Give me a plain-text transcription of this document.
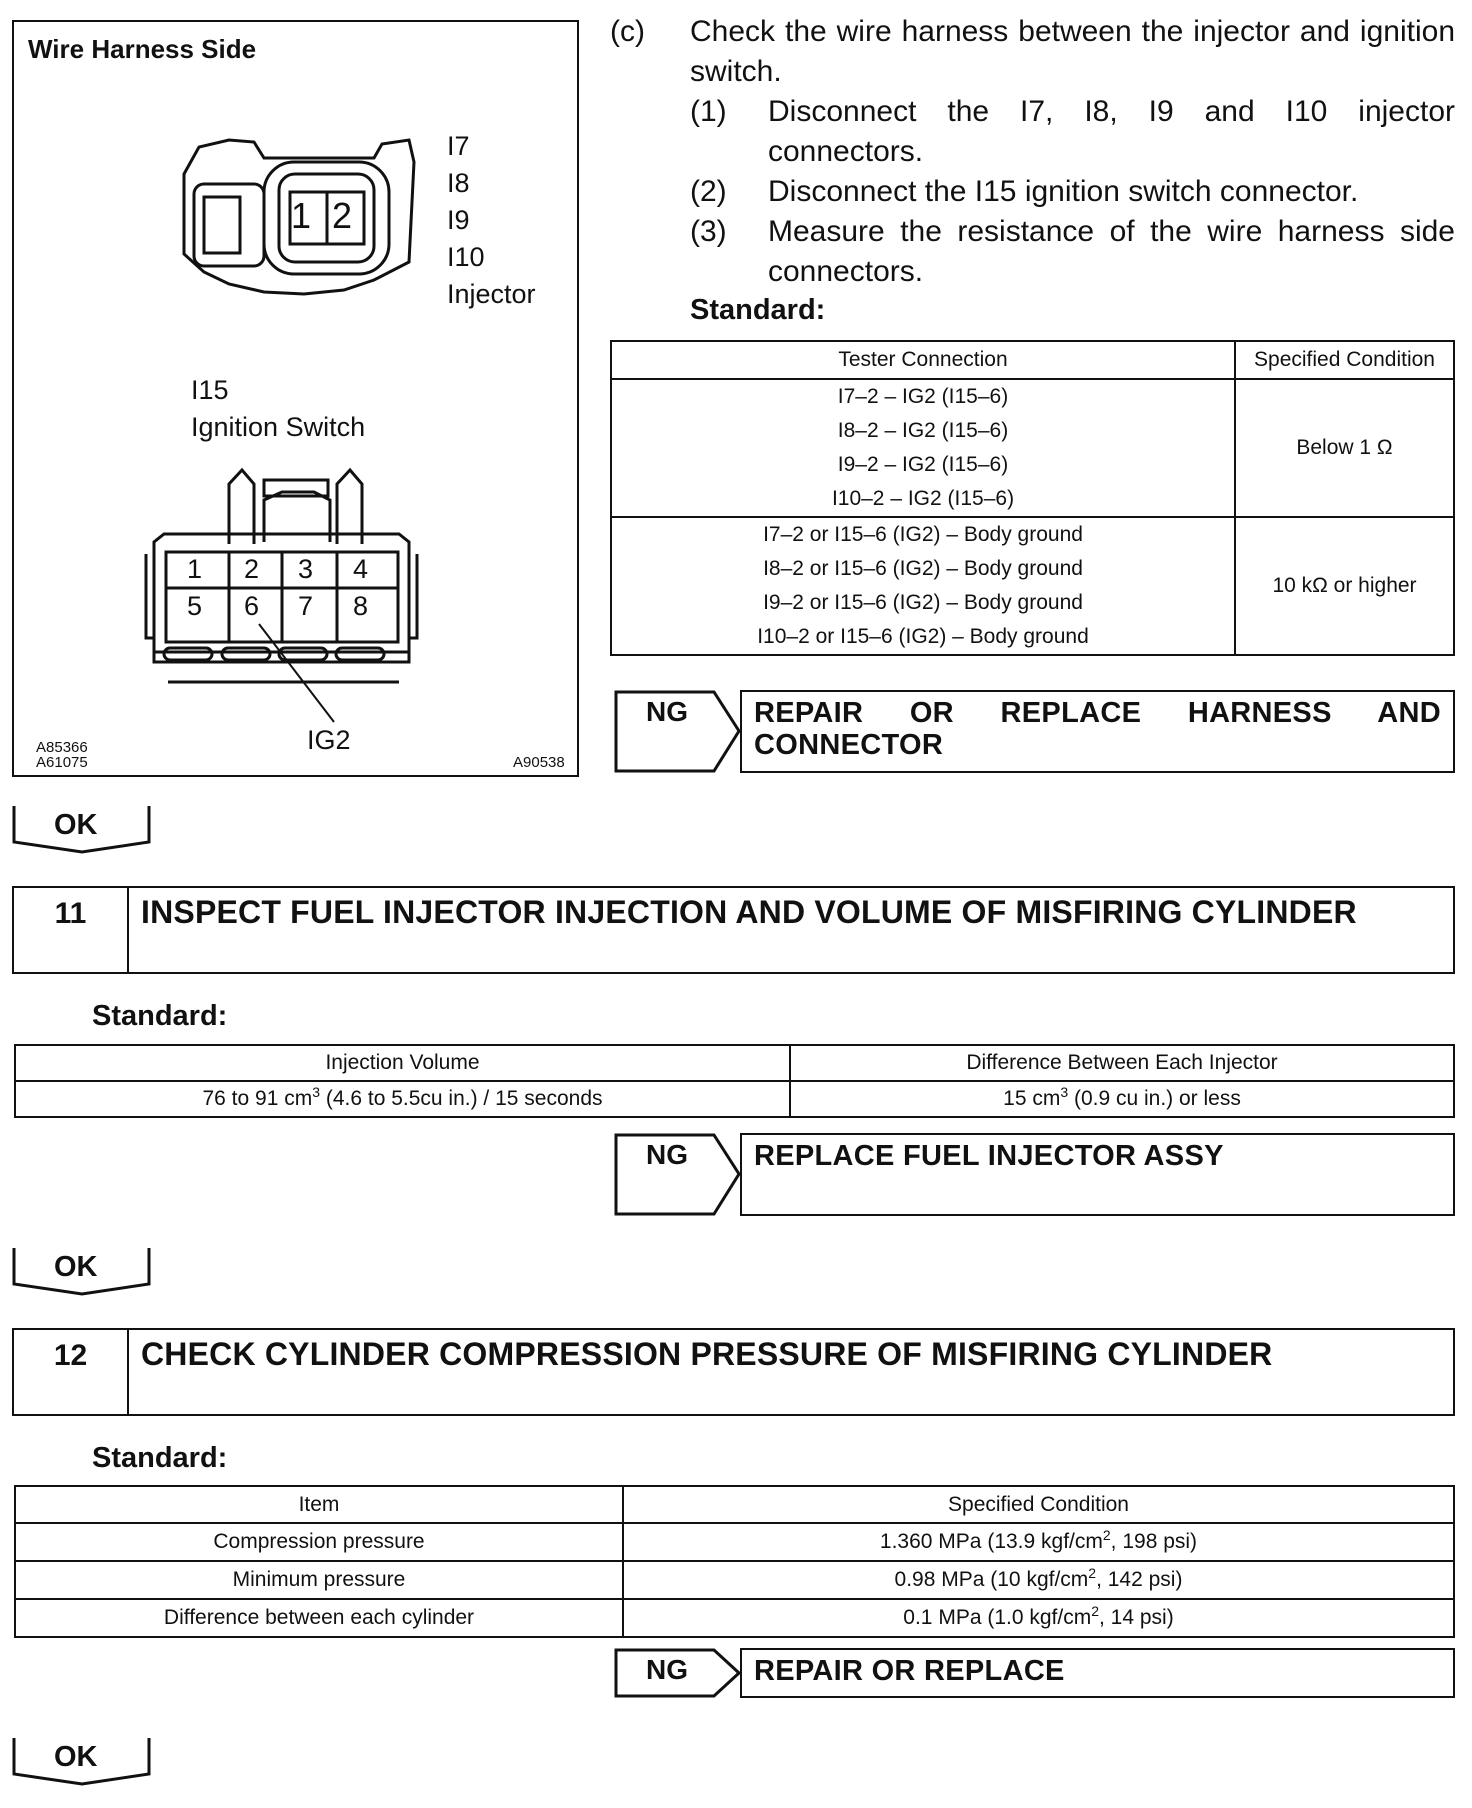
Wire Harness Side
1 2
I7
I8
I9
I10
Injector
I15
Ignition Switch
1 2 3 4
5 6 7 8
IG2
A85366
A61075	A90538
(c) Check the wire harness between the injector and ignition switch.
(1) Disconnect the I7, I8, I9 and I10 injector connectors.
(2) Disconnect the I15 ignition switch connector.
(3) Measure the resistance of the wire harness side connectors.
Standard:
Tester Connection	Specified Condition

I7–2 – IG2 (I15–6)
I8–2 – IG2 (I15–6)
I9–2 – IG2 (I15–6)
I10–2 – IG2 (I15–6)	Below 1 Ω

I7–2 or I15–6 (IG2) – Body ground
I8–2 or I15–6 (IG2) – Body ground
I9–2 or I15–6 (IG2) – Body ground
I10–2 or I15–6 (IG2) – Body ground	10 kΩ or higher
NG REPAIR OR REPLACE HARNESS AND
CONNECTOR
OK
11	INSPECT FUEL INJECTOR INJECTION AND VOLUME OF MISFIRING CYLINDER
Standard:
Injection Volume	Difference Between Each Injector
76 to 91 $cm^3$ (4.6 to 5.5cu in.) / 15 seconds	15 $cm^3$ (0.9 cu in.) or less
NG REPLACE FUEL INJECTOR ASSY
OK
12	CHECK CYLINDER COMPRESSION PRESSURE OF MISFIRING CYLINDER
Standard:
Item	Specified Condition
Compression pressure	1.360 MPa (13.9 kgf/$cm^2$, 198 psi)
Minimum pressure	0.98 MPa (10 kgf/$cm^2$, 142 psi)
Difference between each cylinder	0.1 MPa (1.0 kgf/$cm^2$, 14 psi)
NG REPAIR OR REPLACE
OK
